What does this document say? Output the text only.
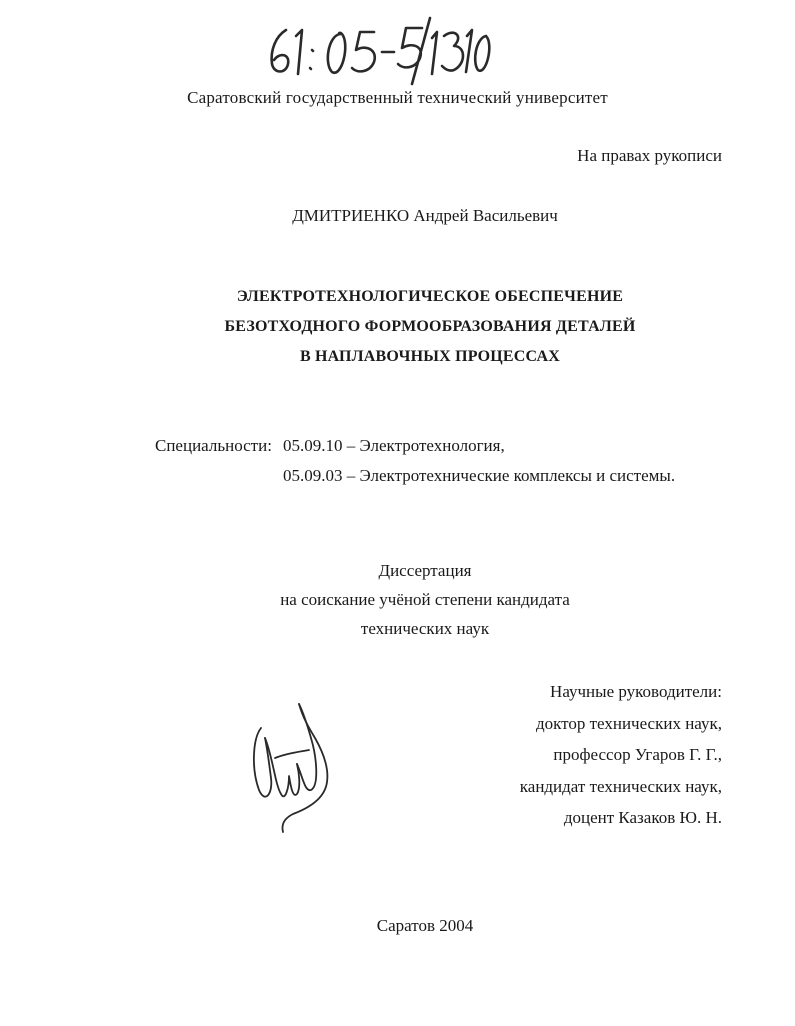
Саратовский государственный технический университет
На правах рукописи
ДМИТРИЕНКО Андрей Васильевич
ЭЛЕКТРОТЕХНОЛОГИЧЕСКОЕ ОБЕСПЕЧЕНИЕ
БЕЗОТХОДНОГО ФОРМООБРАЗОВАНИЯ ДЕТАЛЕЙ
В НАПЛАВОЧНЫХ ПРОЦЕССАХ
Специальности: 05.09.10 – Электротехнология,
05.09.03 – Электротехнические комплексы и системы.
Диссертация
на соискание учёной степени кандидата
технических наук
Научные руководители:
доктор технических наук,
профессор Угаров Г. Г.,
кандидат технических наук,
доцент Казаков Ю. Н.
Саратов 2004
